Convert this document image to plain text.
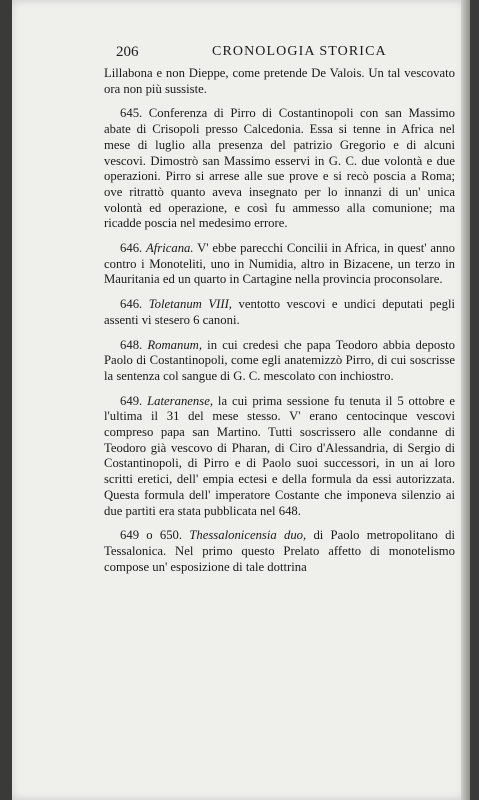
206	CRONOLOGIA STORICA

Lillabona e non Dieppe, come pretende De Valois. Un tal vescovato ora non più sussiste.

645. Conferenza di Pirro di Costantinopoli con san Massimo abate di Crisopoli presso Calcedonia. Essa si tenne in Africa nel mese di luglio alla presenza del patrizio Gregorio e di alcuni vescovi. Dimostrò san Massimo esservi in G. C. due volontà e due operazioni. Pirro si arrese alle sue prove e si recò poscia a Roma; ove ritrattò quanto aveva insegnato per lo innanzi di un' unica volontà ed operazione, e così fu ammesso alla comunione; ma ricadde poscia nel medesimo errore.

646. Africana. V' ebbe parecchi Concilii in Africa, in quest' anno contro i Monoteliti, uno in Numidia, altro in Bizacene, un terzo in Mauritania ed un quarto in Cartagine nella provincia proconsolare.

646. Toletanum VIII, ventotto vescovi e undici deputati pegli assenti vi stesero 6 canoni.

648. Romanum, in cui credesi che papa Teodoro abbia deposto Paolo di Costantinopoli, come egli anatemizzò Pirro, di cui soscrisse la sentenza col sangue di G. C. mescolato con inchiostro.

649. Lateranense, la cui prima sessione fu tenuta il 5 ottobre e l'ultima il 31 del mese stesso. V' erano centocinque vescovi compreso papa san Martino. Tutti soscrissero alle condanne di Teodoro già vescovo di Pharan, di Ciro d'Alessandria, di Sergio di Costantinopoli, di Pirro e di Paolo suoi successori, in un ai loro scritti eretici, dell' empia ectesi e della formula da essi autorizzata. Questa formula dell' imperatore Costante che imponeva silenzio ai due partiti era stata pubblicata nel 648.

649 o 650. Thessalonicensia duo, di Paolo metropolitano di Tessalonica. Nel primo questo Prelato affetto di monotelismo compose un' esposizione di tale dottrina
